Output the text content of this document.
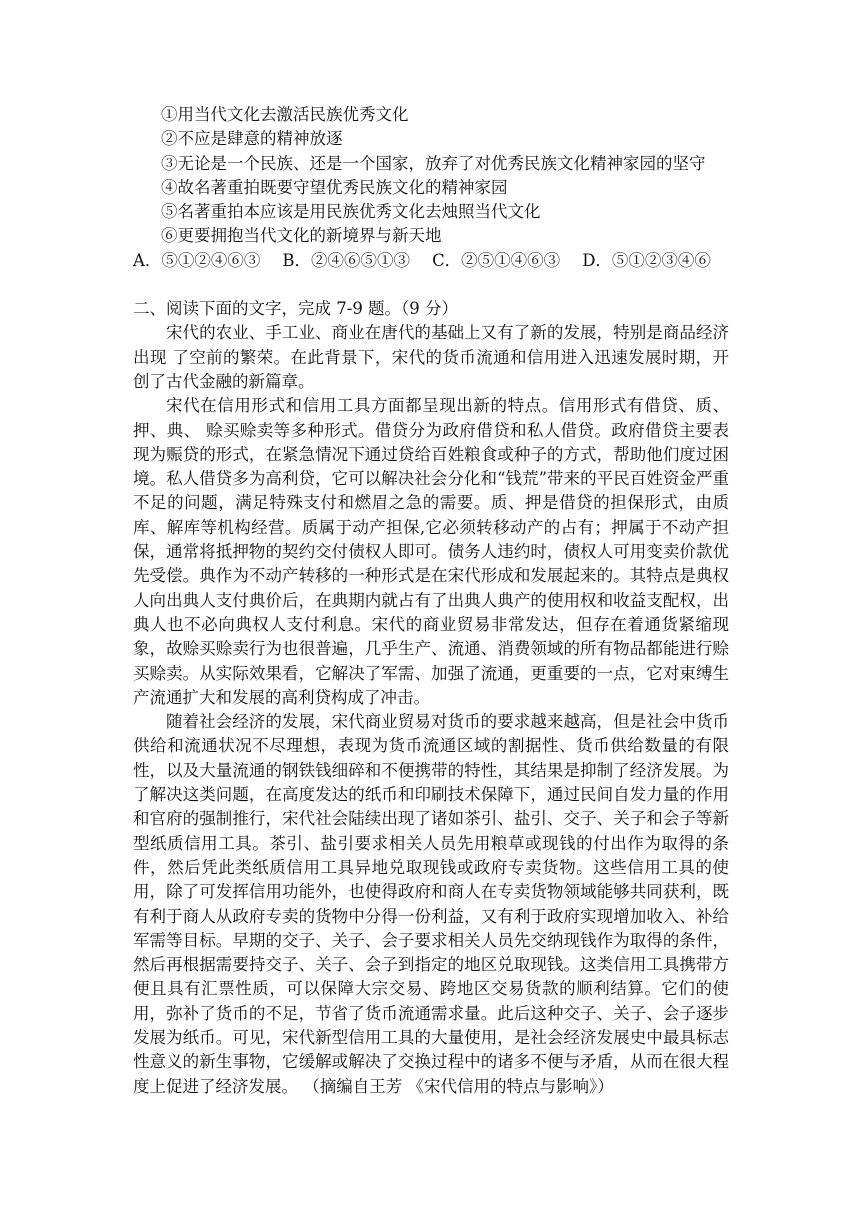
①用当代文化去激活民族优秀文化
②不应是肆意的精神放逐
③无论是一个民族、还是一个国家，放弃了对优秀民族文化精神家园的坚守
④故名著重拍既要守望优秀民族文化的精神家园
⑤名著重拍本应该是用民族优秀文化去烛照当代文化
⑥更要拥抱当代文化的新境界与新天地
A．⑤①②④⑥③ B．②④⑥⑤①③ C．②⑤①④⑥③ D．⑤①②③④⑥
二、阅读下面的文字，完成 7-9 题。（9 分）

宋代的农业、手工业、商业在唐代的基础上又有了新的发展，特别是商品经济出现 了空前的繁荣。在此背景下，宋代的货币流通和信用进入迅速发展时期，开创了古代金融的新篇章。

宋代在信用形式和信用工具方面都呈现出新的特点。信用形式有借贷、质、押、典、 赊买赊卖等多种形式。借贷分为政府借贷和私人借贷。政府借贷主要表现为赈贷的形式，在紧急情况下通过贷给百姓粮食或种子的方式，帮助他们度过困境。私人借贷多为高利贷，它可以解决社会分化和“钱荒”带来的平民百姓资金严重不足的问题，满足特殊支付和燃眉之急的需要。质、押是借贷的担保形式，由质库、解库等机构经营。质属于动产担保,它必须转移动产的占有；押属于不动产担保，通常将抵押物的契约交付债权人即可。债务人违约时，债权人可用变卖价款优先受偿。典作为不动产转移的一种形式是在宋代形成和发展起来的。其特点是典权人向出典人支付典价后，在典期内就占有了出典人典产的使用权和收益支配权，出典人也不必向典权人支付利息。宋代的商业贸易非常发达，但存在着通货紧缩现象，故赊买赊卖行为也很普遍，几乎生产、流通、消费领域的所有物品都能进行赊买赊卖。从实际效果看，它解决了军需、加强了流通，更重要的一点，它对束缚生产流通扩大和发展的高利贷构成了冲击。

随着社会经济的发展，宋代商业贸易对货币的要求越来越高，但是社会中货币供给和流通状况不尽理想，表现为货币流通区域的割据性、货币供给数量的有限性，以及大量流通的钢铁钱细碎和不便携带的特性，其结果是抑制了经济发展。为了解决这类问题，在高度发达的纸币和印刷技术保障下，通过民间自发力量的作用和官府的强制推行，宋代社会陆续出现了诸如茶引、盐引、交子、关子和会子等新型纸质信用工具。茶引、盐引要求相关人员先用粮草或现钱的付出作为取得的条件，然后凭此类纸质信用工具异地兑取现钱或政府专卖货物。这些信用工具的使用，除了可发挥信用功能外，也使得政府和商人在专卖货物领域能够共同获利，既有利于商人从政府专卖的货物中分得一份利益，又有利于政府实现增加收入、补给军需等目标。早期的交子、关子、会子要求相关人员先交纳现钱作为取得的条件，然后再根据需要持交子、关子、会子到指定的地区兑取现钱。这类信用工具携带方便且具有汇票性质，可以保障大宗交易、跨地区交易货款的顺利结算。它们的使用，弥补了货币的不足，节省了货币流通需求量。此后这种交子、关子、会子逐步发展为纸币。可见，宋代新型信用工具的大量使用，是社会经济发展史中最具标志性意义的新生事物，它缓解或解决了交换过程中的诸多不便与矛盾，从而在很大程度上促进了经济发展。 （摘编自王芳 《宋代信用的特点与影响》）
